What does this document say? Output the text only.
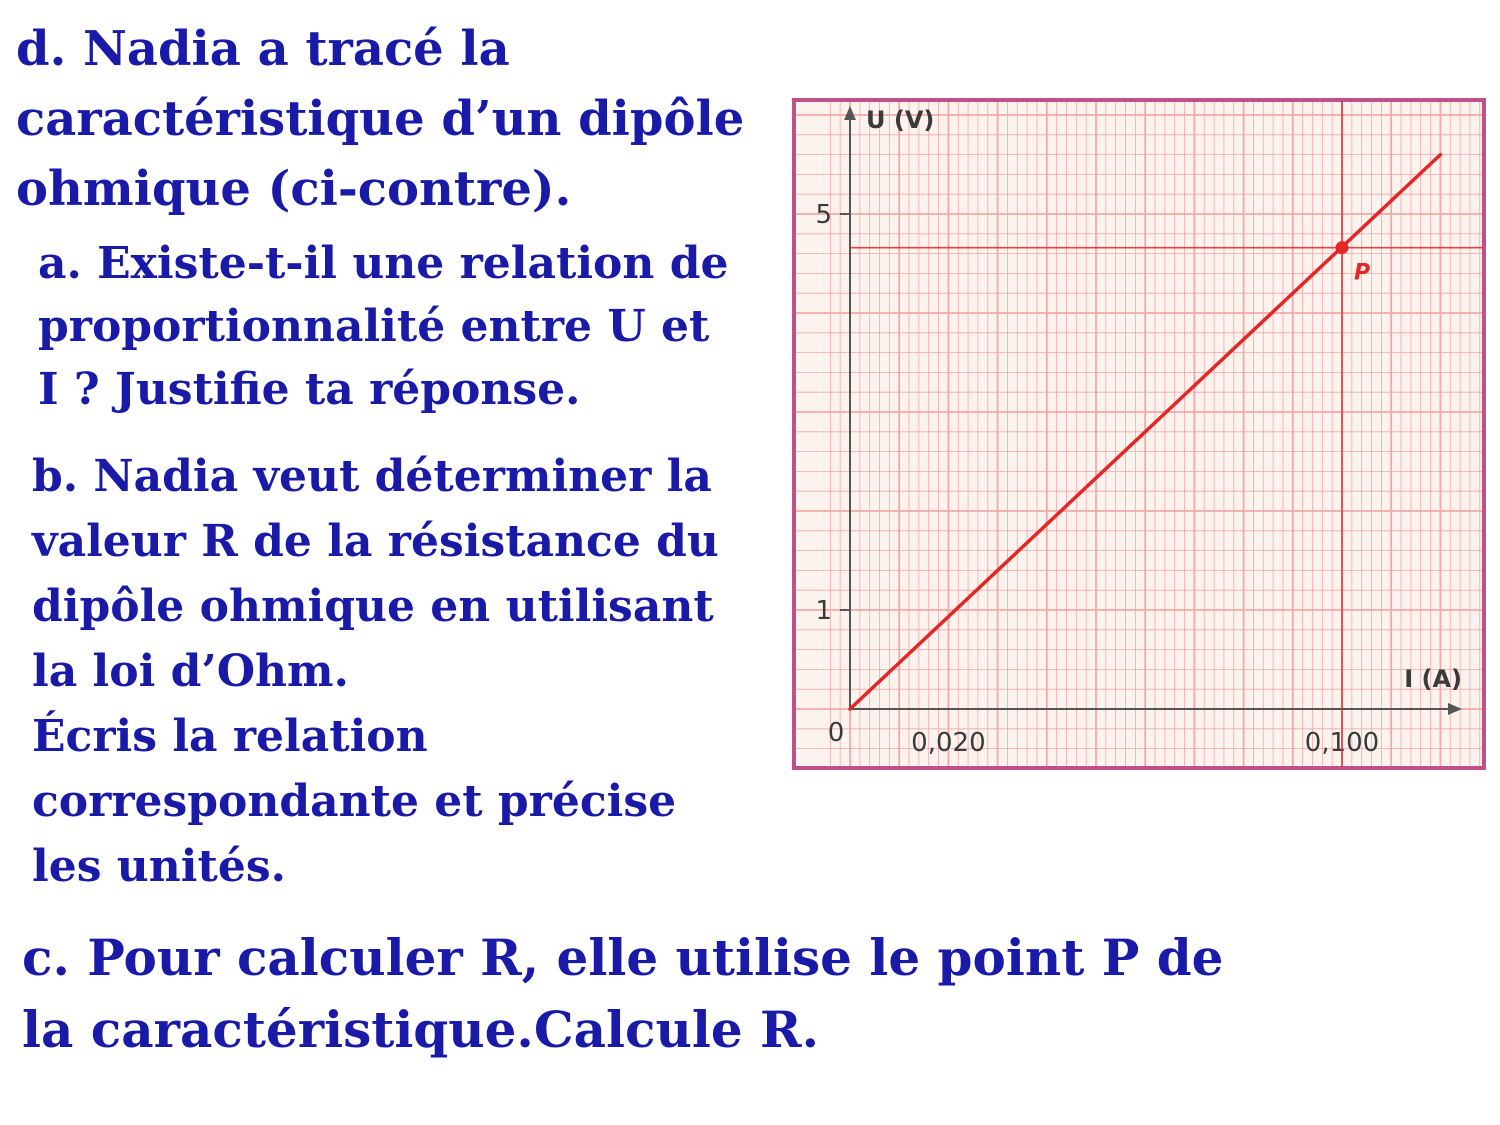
d. Nadia a tracé la
caractéristique d’un dipôle
ohmique (ci-contre).

a. Existe-t-il une relation de
proportionnalité entre U et
I ? Justifie ta réponse.

b. Nadia veut déterminer la
valeur R de la résistance du
dipôle ohmique en utilisant
la loi d’Ohm.
Écris la relation
correspondante et précise
les unités.

c. Pour calculer R, elle utilise le point P de
la caractéristique.Calcule R.

U (V)
I (A)
0
1
5
0,020	0,100
P
